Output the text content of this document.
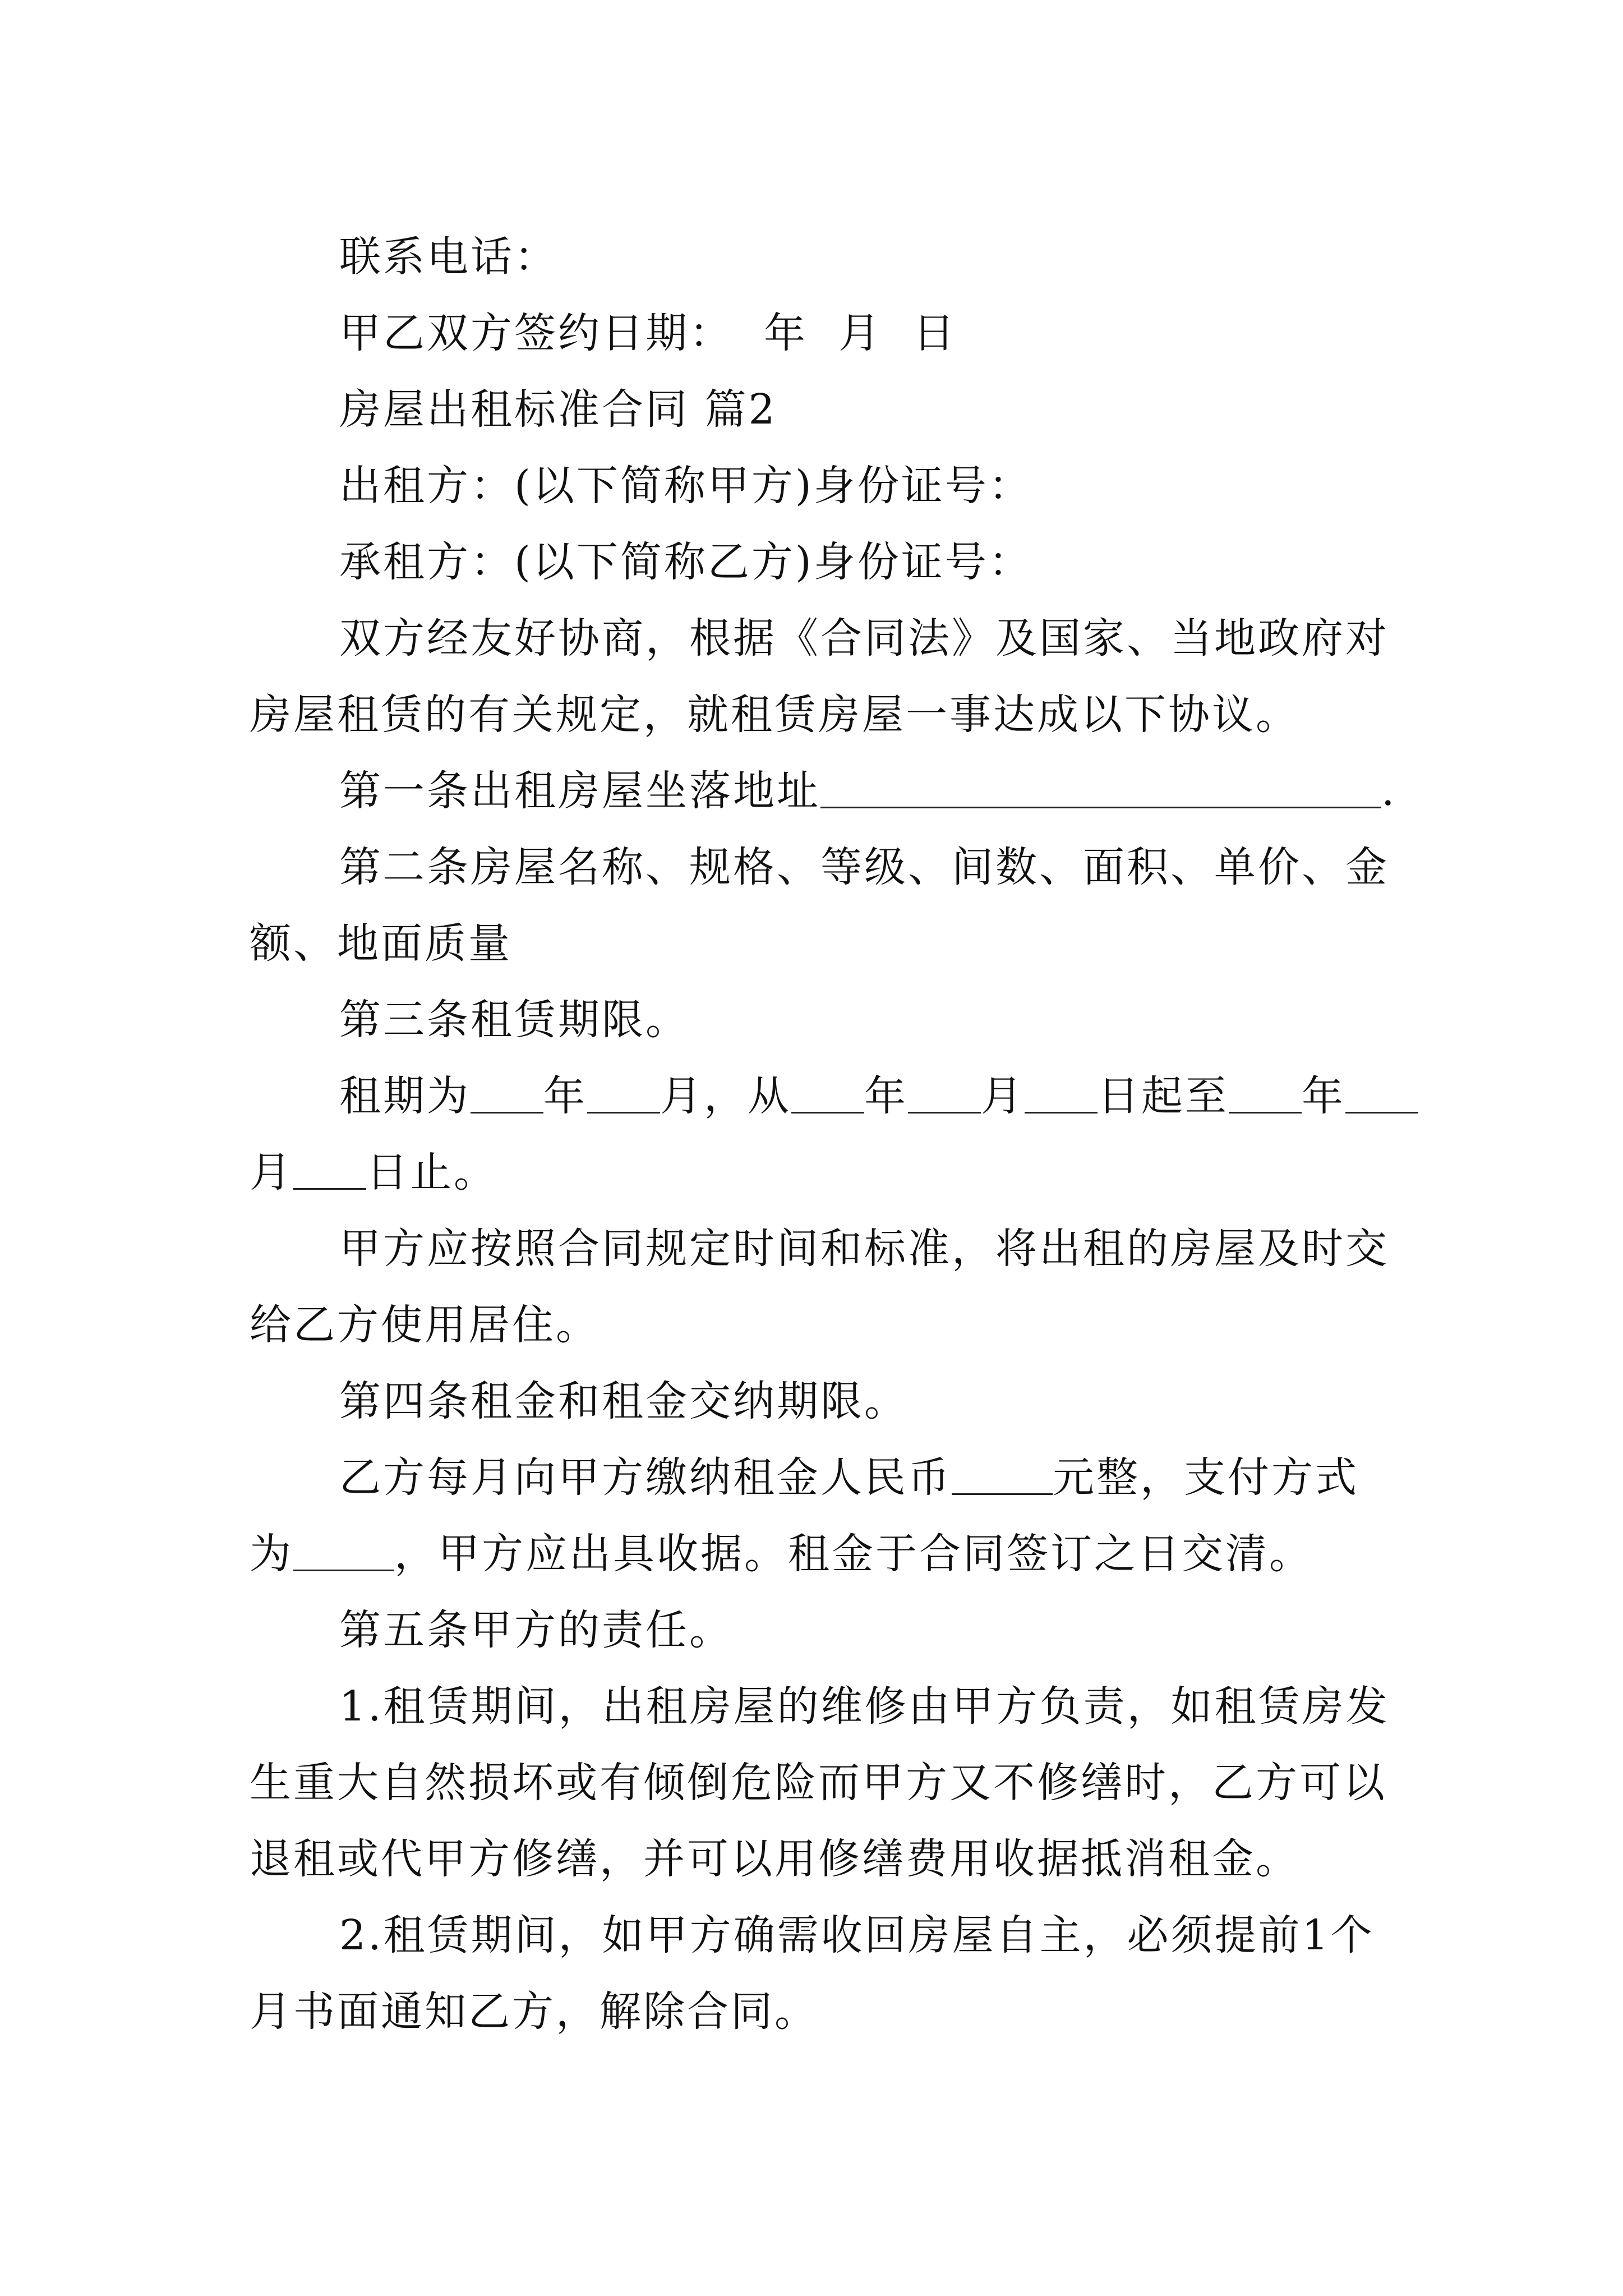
联系电话：
甲乙双方签约日期：  年  月  日
房屋出租标准合同 篇2
出租方：(以下简称甲方)身份证号：
承租方：(以下简称乙方)身份证号：
双方经友好协商，根据《合同法》及国家、当地政府对
房屋租赁的有关规定，就租赁房屋一事达成以下协议。
第一条出租房屋坐落地址	.
第二条房屋名称、规格、等级、间数、面积、单价、金
额、地面质量
第三条租赁期限。
租期为 年 月，从 年 月 日起至 年
月 日止。
甲方应按照合同规定时间和标准，将出租的房屋及时交
给乙方使用居住。
第四条租金和租金交纳期限。
乙方每月向甲方缴纳租金人民币 元整，支付方式
为 ，甲方应出具收据。租金于合同签订之日交清。
第五条甲方的责任。
1.租赁期间，出租房屋的维修由甲方负责，如租赁房发
生重大自然损坏或有倾倒危险而甲方又不修缮时，乙方可以
退租或代甲方修缮，并可以用修缮费用收据抵消租金。
2.租赁期间，如甲方确需收回房屋自主，必须提前1个
月书面通知乙方，解除合同。
